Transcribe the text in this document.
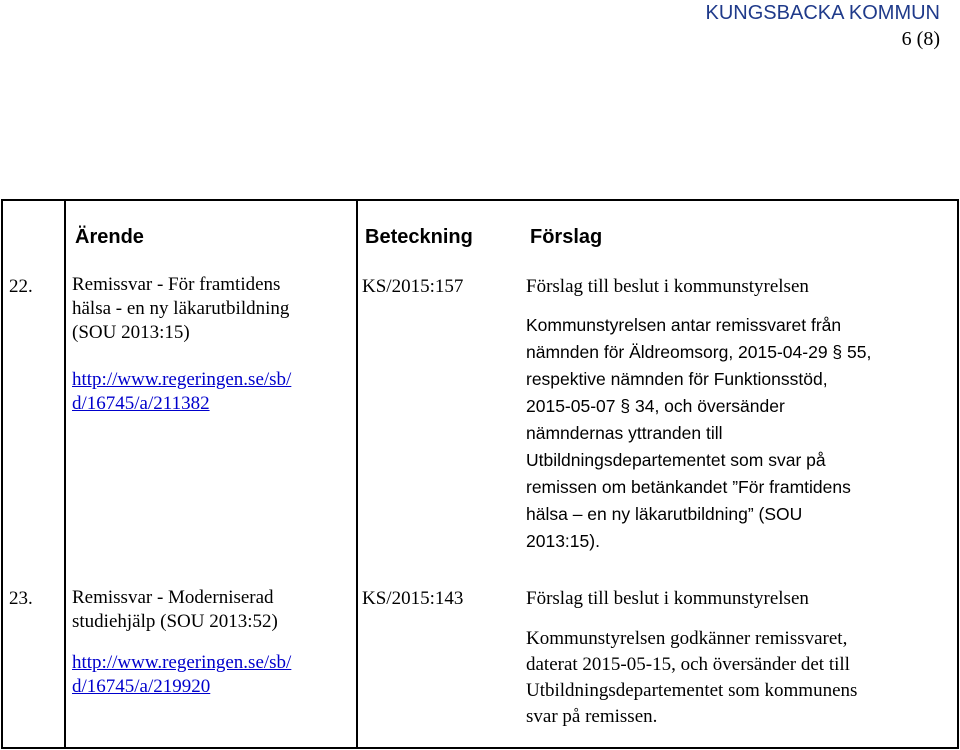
KUNGSBACKA KOMMUN
6 (8)
Ärende	Beteckning	Förslag
22. Remissvar - För framtidens
hälsa - en ny läkarutbildning
(SOU 2013:15)
http://www.regeringen.se/sb/
d/16745/a/211382
KS/2015:157	Förslag till beslut i kommunstyrelsen
Kommunstyrelsen antar remissvaret från
nämnden för Äldreomsorg, 2015-04-29 § 55,
respektive nämnden för Funktionsstöd,
2015-05-07 § 34, och översänder
nämndernas yttranden till
Utbildningsdepartementet som svar på
remissen om betänkandet ”För framtidens
hälsa – en ny läkarutbildning” (SOU
2013:15).
23. Remissvar - Moderniserad
studiehjälp (SOU 2013:52)
http://www.regeringen.se/sb/
d/16745/a/219920
KS/2015:143	Förslag till beslut i kommunstyrelsen
Kommunstyrelsen godkänner remissvaret,
daterat 2015-05-15, och översänder det till
Utbildningsdepartementet som kommunens
svar på remissen.
